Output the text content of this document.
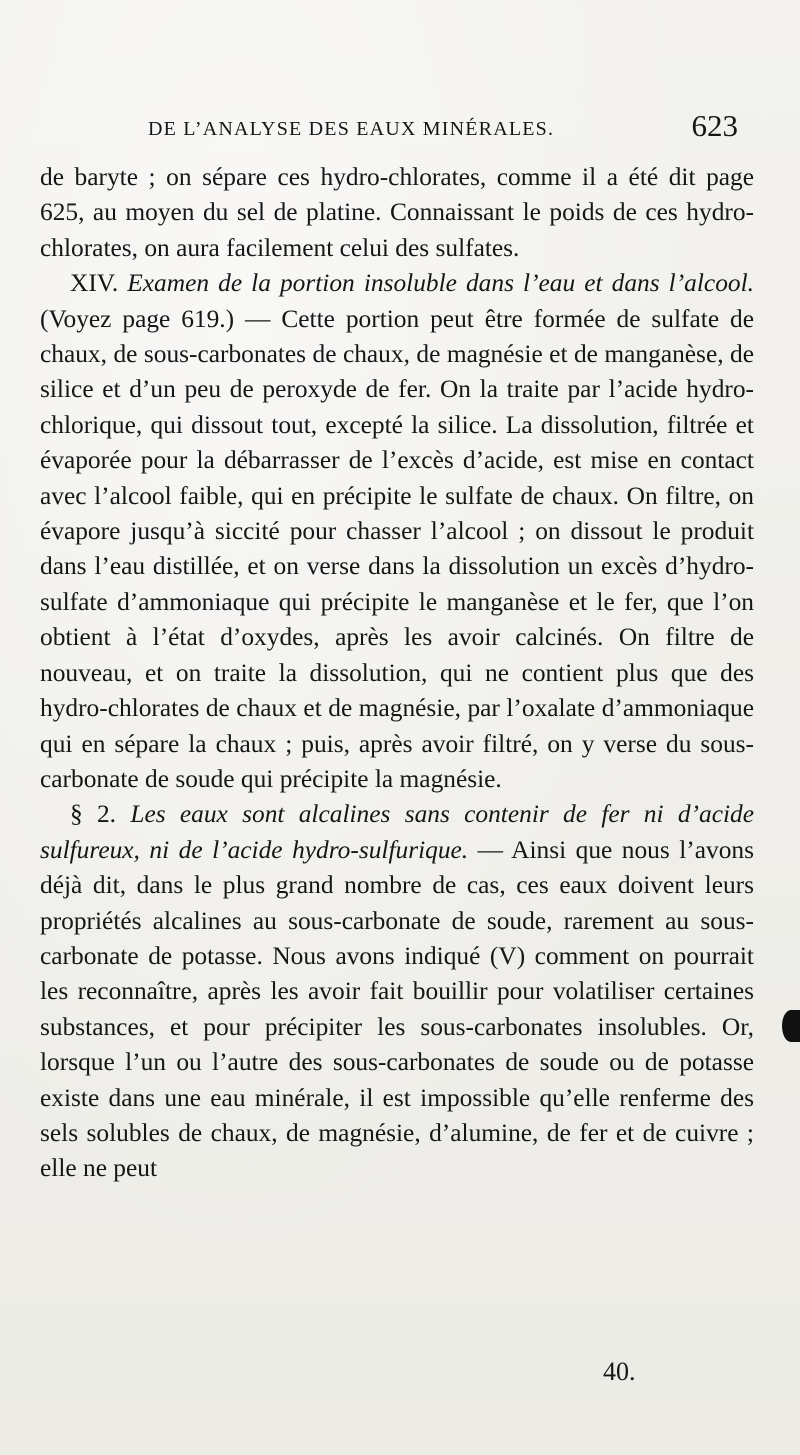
DE L’ANALYSE DES EAUX MINÉRALES.	623

de baryte ; on sépare ces hydro-chlorates, comme il a été dit page 625, au moyen du sel de platine. Connaissant le poids de ces hydro-chlorates, on aura facilement celui des sulfates.

XIV. Examen de la portion insoluble dans l’eau et dans l’alcool. (Voyez page 619.) — Cette portion peut être formée de sulfate de chaux, de sous-carbonates de chaux, de magnésie et de manganèse, de silice et d’un peu de peroxyde de fer. On la traite par l’acide hydro-chlorique, qui dissout tout, excepté la silice. La dissolution, filtrée et évaporée pour la débarrasser de l’excès d’acide, est mise en contact avec l’alcool faible, qui en précipite le sulfate de chaux. On filtre, on évapore jusqu’à siccité pour chasser l’alcool ; on dissout le produit dans l’eau distillée, et on verse dans la dissolution un excès d’hydro-sulfate d’ammoniaque qui précipite le manganèse et le fer, que l’on obtient à l’état d’oxydes, après les avoir calcinés. On filtre de nouveau, et on traite la dissolution, qui ne contient plus que des hydro-chlorates de chaux et de magnésie, par l’oxalate d’ammoniaque qui en sépare la chaux ; puis, après avoir filtré, on y verse du sous-carbonate de soude qui précipite la magnésie.

§ 2. Les eaux sont alcalines sans contenir de fer ni d’acide sulfureux, ni de l’acide hydro-sulfurique. — Ainsi que nous l’avons déjà dit, dans le plus grand nombre de cas, ces eaux doivent leurs propriétés alcalines au sous-carbonate de soude, rarement au sous-carbonate de potasse. Nous avons indiqué (V) comment on pourrait les reconnaître, après les avoir fait bouillir pour volatiliser certaines substances, et pour précipiter les sous-carbonates insolubles. Or, lorsque l’un ou l’autre des sous-carbonates de soude ou de potasse existe dans une eau minérale, il est impossible qu’elle renferme des sels solubles de chaux, de magnésie, d’alumine, de fer et de cuivre ; elle ne peut

40.
